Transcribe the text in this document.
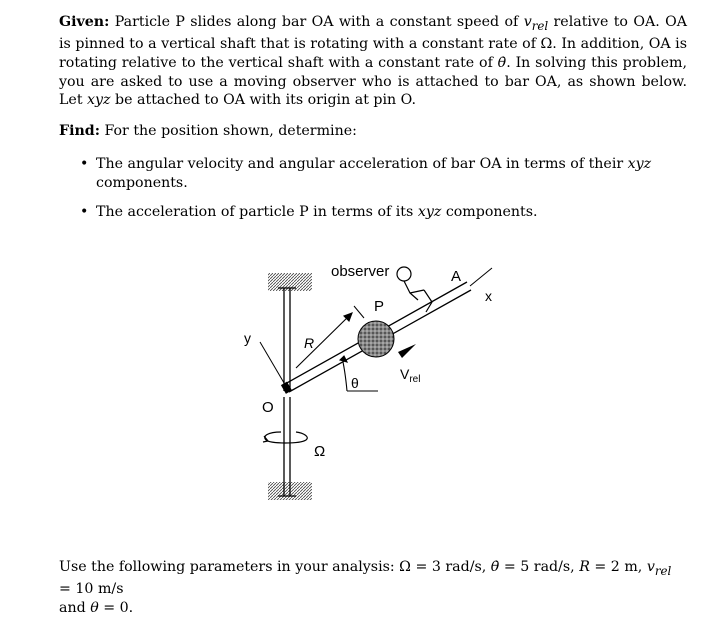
Given: Particle P slides along bar OA with a constant speed of $v_{rel}$ relative to OA. OA is pinned to a vertical shaft that is rotating with a constant rate of Ω. In addition, OA is rotating relative to the vertical shaft with a constant rate of θ̇. In solving this problem, you are asked to use a moving observer who is attached to bar OA, as shown below. Let xyz be attached to OA with its origin at pin O.
Find: For the position shown, determine:
• The angular velocity and angular acceleration of bar OA in terms of their xyz components.
• The acceleration of particle P in terms of its xyz components.
observer	A
x
P
y	R
O
θ
$V_{rel}$
Ω
Use the following parameters in your analysis: Ω = 3 rad/s, θ̇ = 5 rad/s, R = 2 m, $v_{rel} = 10$ m/s
and θ = 0.
